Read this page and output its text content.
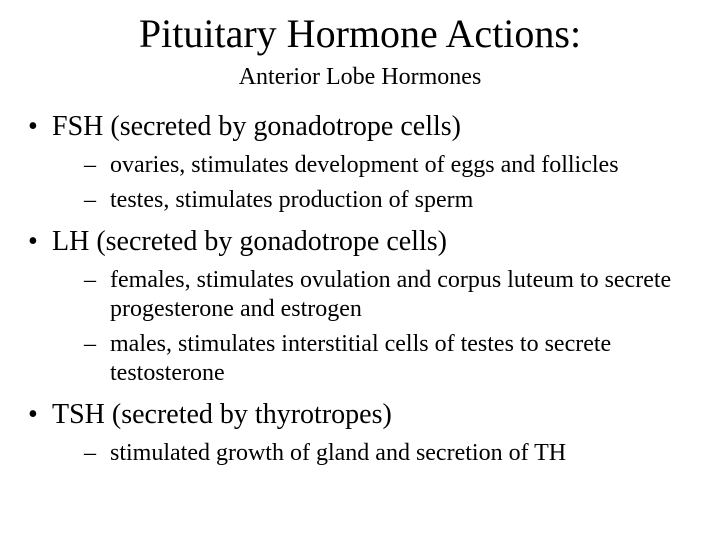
Pituitary Hormone Actions:
Anterior Lobe Hormones
• FSH (secreted by gonadotrope cells)
– ovaries, stimulates development of eggs and follicles
– testes, stimulates production of sperm
• LH (secreted by gonadotrope cells)
– females, stimulates ovulation and corpus luteum to secrete progesterone and estrogen
– males, stimulates interstitial cells of testes to secrete testosterone
• TSH (secreted by thyrotropes)
– stimulated growth of gland and secretion of TH
